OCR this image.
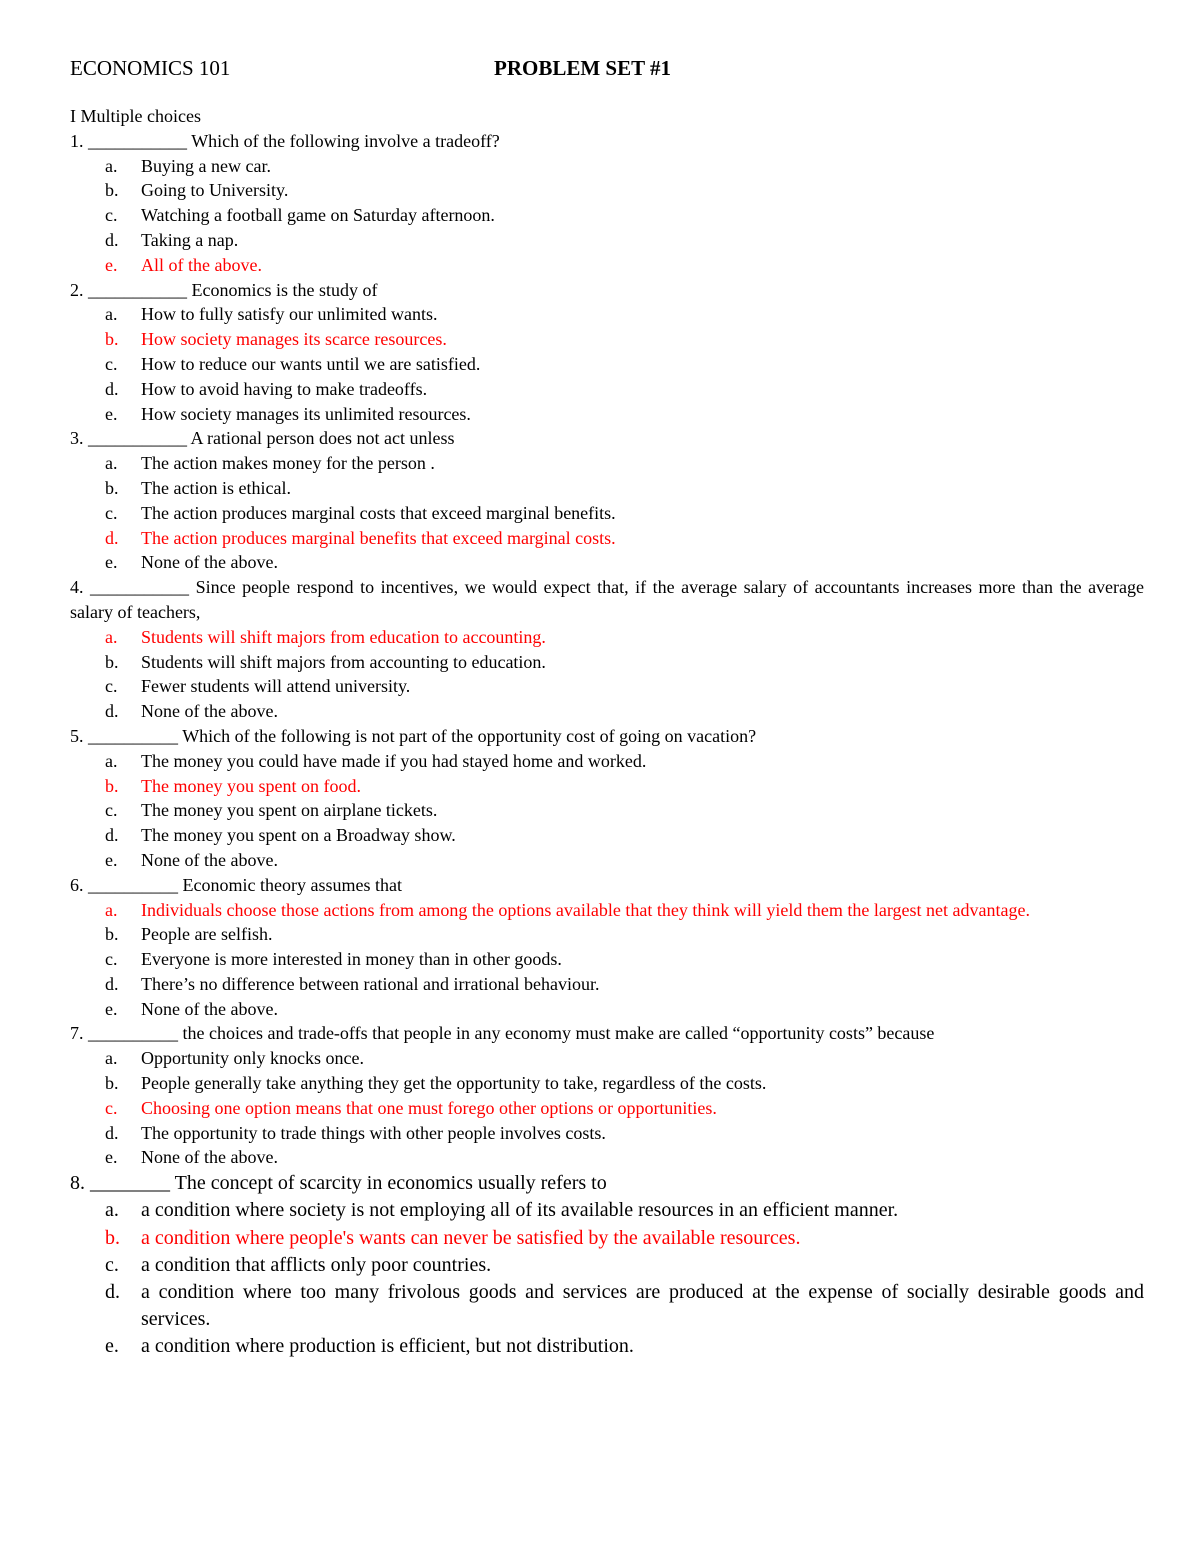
ECONOMICS 101	PROBLEM SET #1
I Multiple choices
1. ___________ Which of the following involve a tradeoff?
a. Buying a new car.
b. Going to University.
c. Watching a football game on Saturday afternoon.
d. Taking a nap.
e. All of the above.
2. ___________ Economics is the study of
a. How to fully satisfy our unlimited wants.
b. How society manages its scarce resources.
c. How to reduce our wants until we are satisfied.
d. How to avoid having to make tradeoffs.
e. How society manages its unlimited resources.
3. ___________ A rational person does not act unless
a. The action makes money for the person .
b. The action is ethical.
c. The action produces marginal costs that exceed marginal benefits.
d. The action produces marginal benefits that exceed marginal costs.
e. None of the above.
4. ___________ Since people respond to incentives, we would expect that, if the average salary of accountants increases more than the average salary of teachers,
a. Students will shift majors from education to accounting.
b. Students will shift majors from accounting to education.
c. Fewer students will attend university.
d. None of the above.
5. __________ Which of the following is not part of the opportunity cost of going on vacation?
a. The money you could have made if you had stayed home and worked.
b. The money you spent on food.
c. The money you spent on airplane tickets.
d. The money you spent on a Broadway show.
e. None of the above.
6. __________ Economic theory assumes that
a. Individuals choose those actions from among the options available that they think will yield them the largest net advantage.
b. People are selfish.
c. Everyone is more interested in money than in other goods.
d. There’s no difference between rational and irrational behaviour.
e. None of the above.
7. __________ the choices and trade-offs that people in any economy must make are called “opportunity costs” because
a. Opportunity only knocks once.
b. People generally take anything they get the opportunity to take, regardless of the costs.
c. Choosing one option means that one must forego other options or opportunities.
d. The opportunity to trade things with other people involves costs.
e. None of the above.
8. ________ The concept of scarcity in economics usually refers to
a. a condition where society is not employing all of its available resources in an efficient manner.
b. a condition where people's wants can never be satisfied by the available resources.
c. a condition that afflicts only poor countries.
d. a condition where too many frivolous goods and services are produced at the expense of socially desirable goods and services.
e. a condition where production is efficient, but not distribution.
